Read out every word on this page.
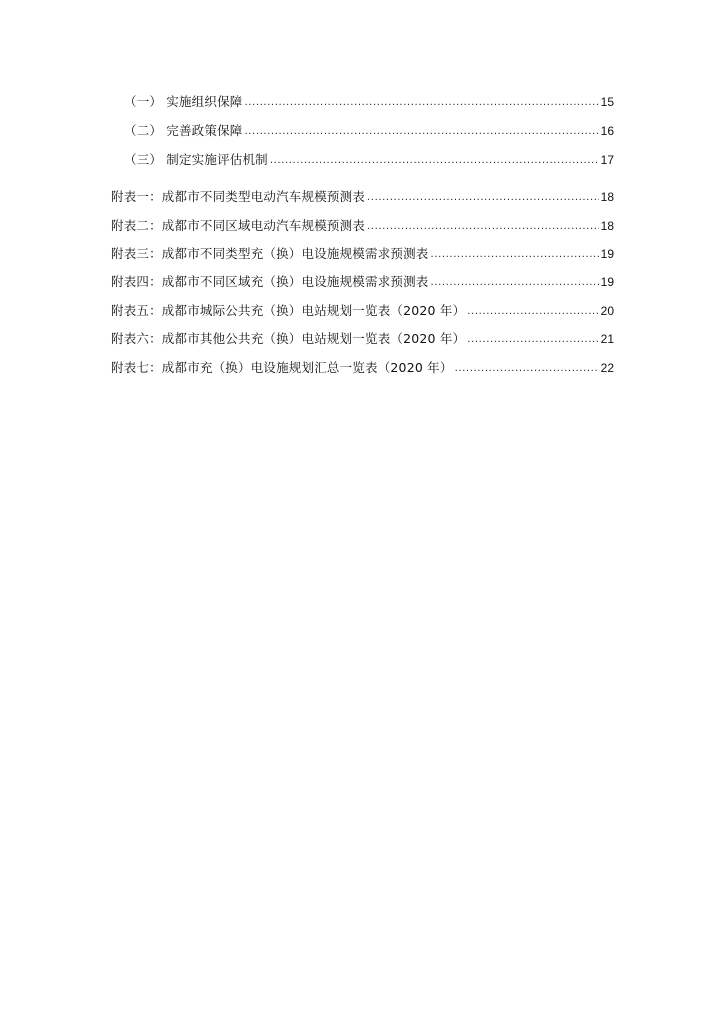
（一） 实施组织保障 .....	15
（二） 完善政策保障 .....	16
（三） 制定实施评估机制 .....	17
附表一：成都市不同类型电动汽车规模预测表 .....	18
附表二：成都市不同区域电动汽车规模预测表 .....	18
附表三：成都市不同类型充（换）电设施规模需求预测表 .....	19
附表四：成都市不同区域充（换）电设施规模需求预测表 .....	19
附表五：成都市城际公共充（换）电站规划一览表（2020 年） .....	20
附表六：成都市其他公共充（换）电站规划一览表（2020 年） .....	21
附表七：成都市充（换）电设施规划汇总一览表（2020 年） .....	22
